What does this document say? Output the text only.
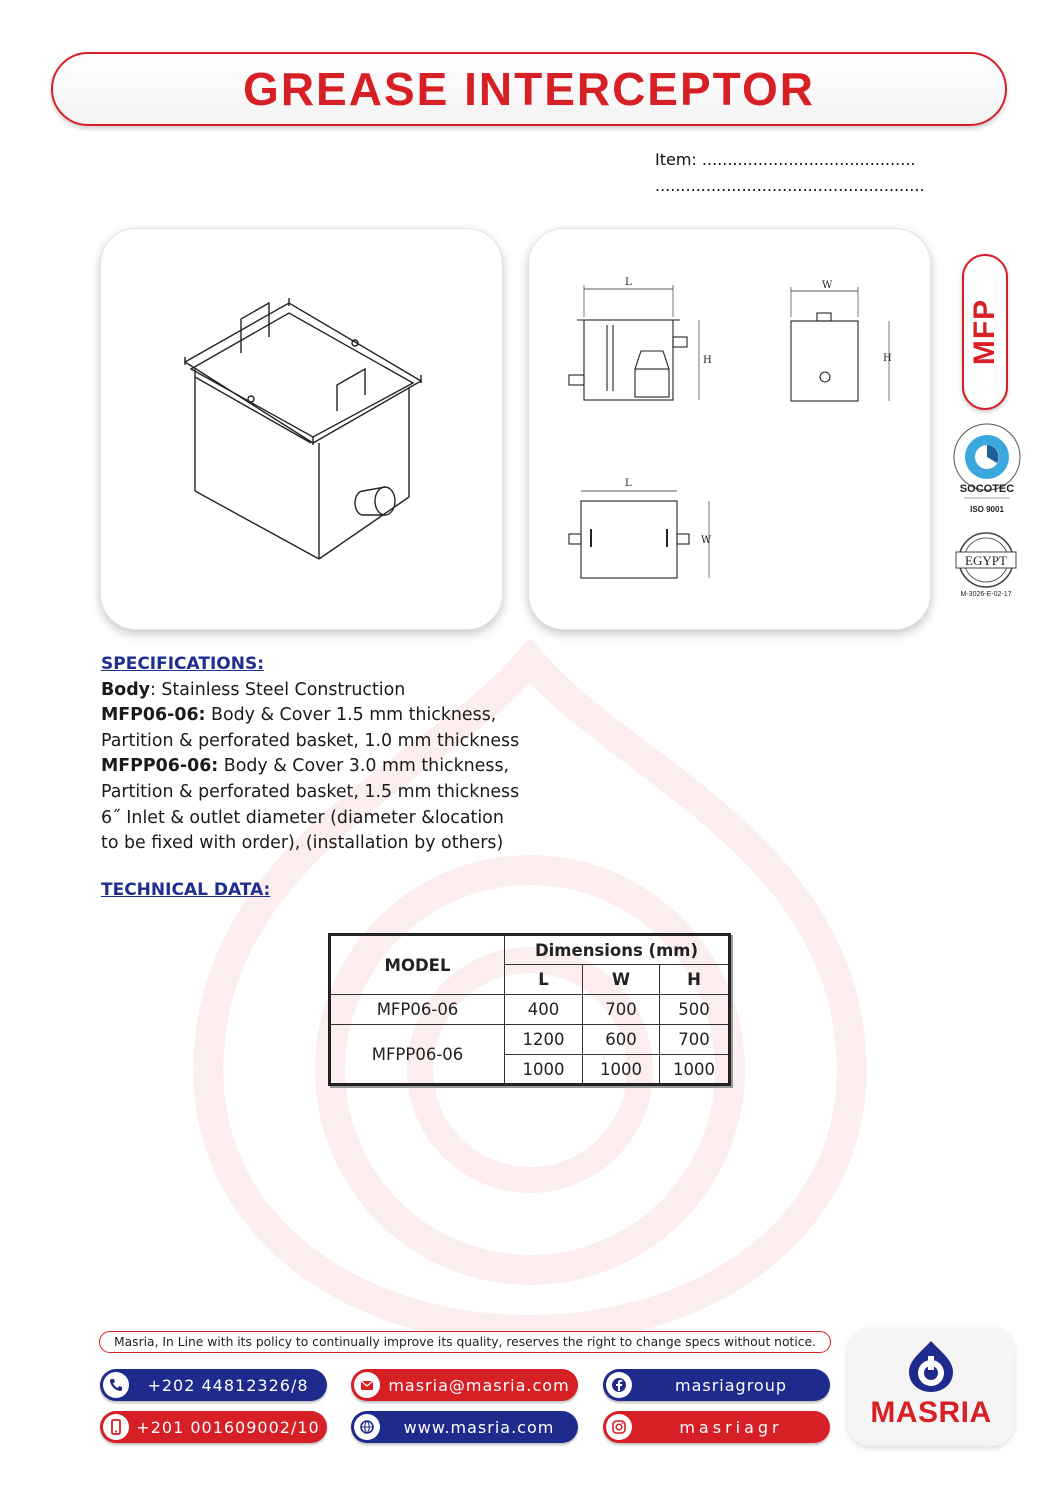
GREASE INTERCEPTOR
Item: ..........................................
.....................................................
L
H
W
H
L
W
MFP
SOCOTEC
ISO 9001
EGYPT
M-3026-E-02-17
SPECIFICATIONS:
Body: Stainless Steel Construction
MFP06-06: Body & Cover 1.5 mm thickness,
Partition & perforated basket, 1.0 mm thickness
MFPP06-06: Body & Cover 3.0 mm thickness,
Partition & perforated basket, 1.5 mm thickness
6˝ Inlet & outlet diameter (diameter &location
to be fixed with order), (installation by others)
TECHNICAL DATA:
MODEL	Dimensions (mm)		
	L	W	H
MFP06-06	400	700	500
MFPP06-06	1200	600	700
	1000	1000	1000
Masria, In Line with its policy to continually improve its quality, reserves the right to change specs without notice.
+202 44812326/8
+201 001609002/10
masria@masria.com
www.masria.com
masriagroup
masriagr	MASRIA
